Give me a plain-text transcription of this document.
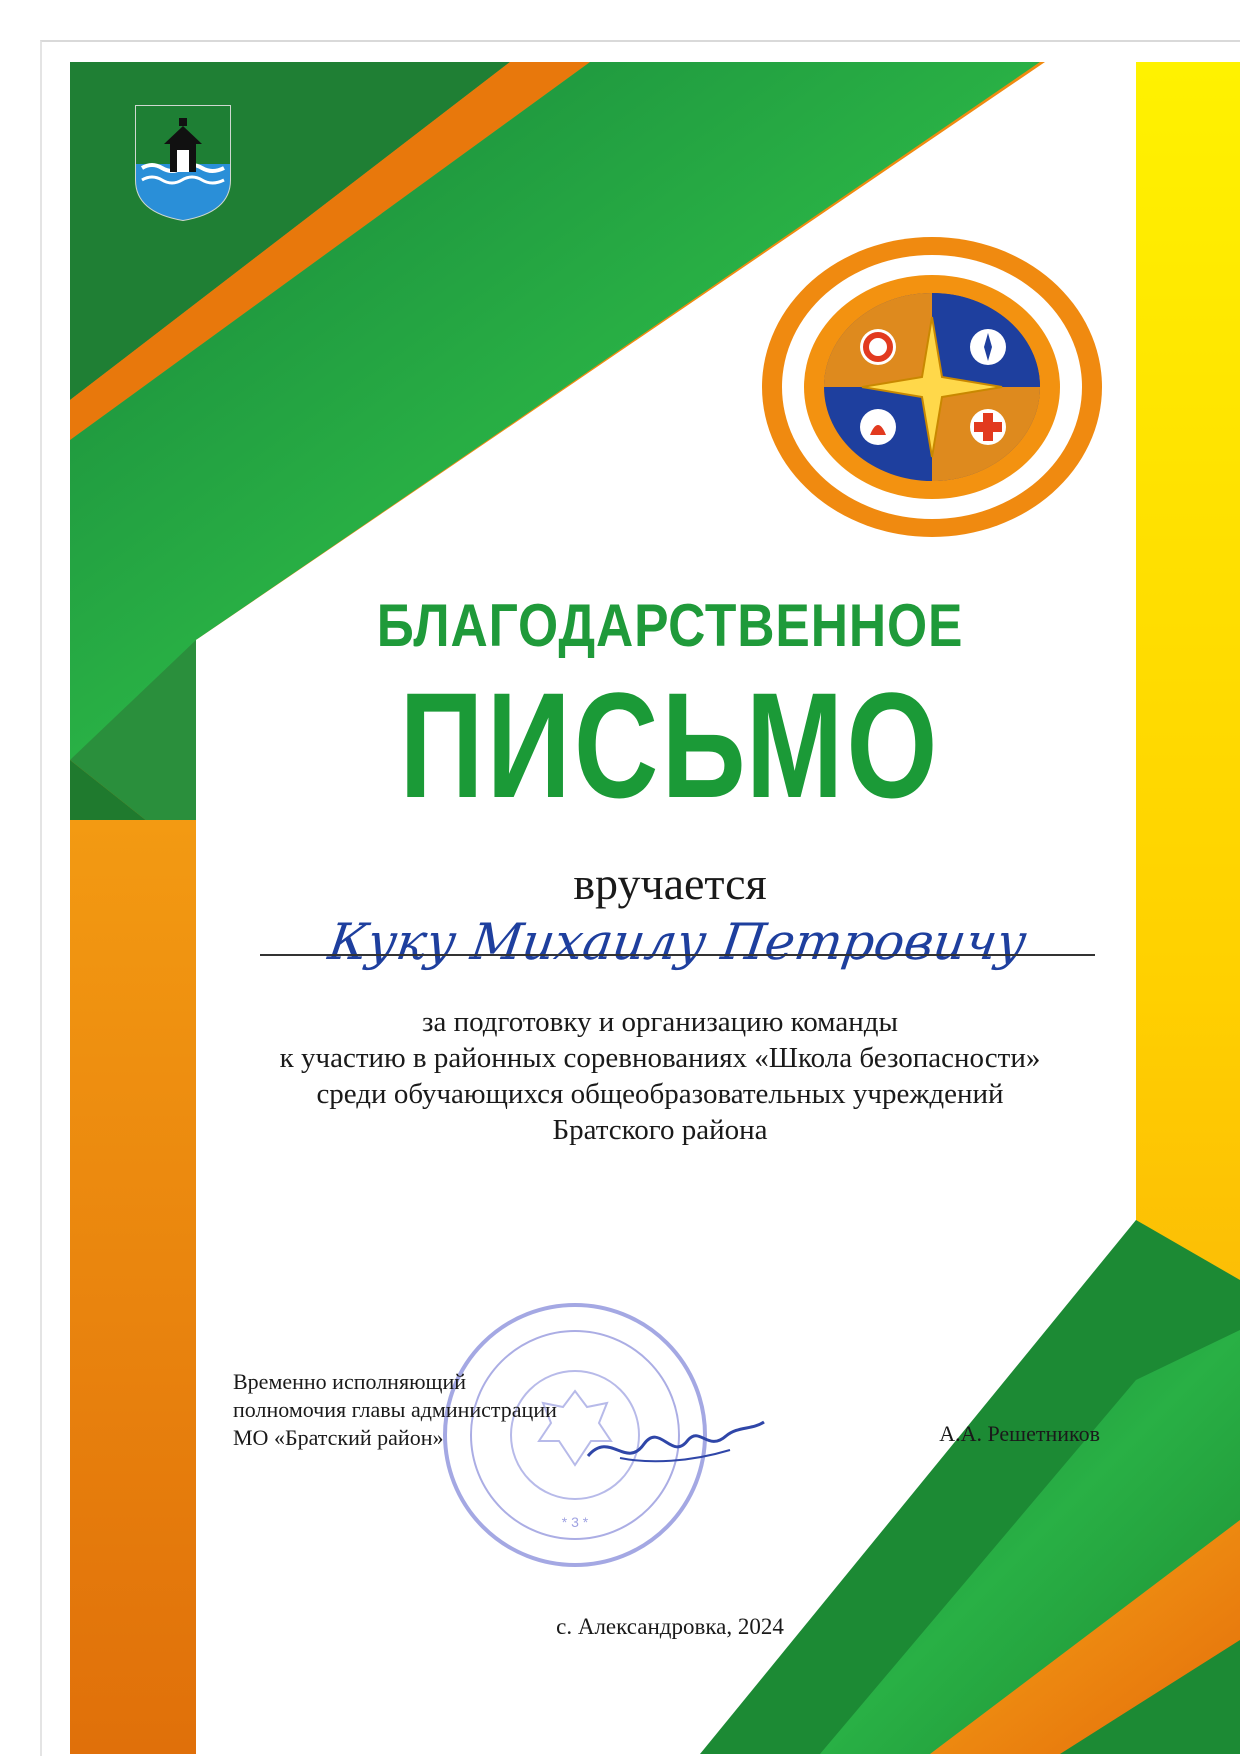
БЛАГОДАРСТВЕННОЕ
ПИСЬМО
вручается
Куку Михаилу Петровичу
за подготовку и организацию команды
к участию в районных соревнованиях «Школа безопасности»
среди обучающихся общеобразовательных учреждений
Братского района
* 3 *
Временно исполняющий
полномочия главы администрации
МО «Братский район»	А.А. Решетников
с. Александровка, 2024
